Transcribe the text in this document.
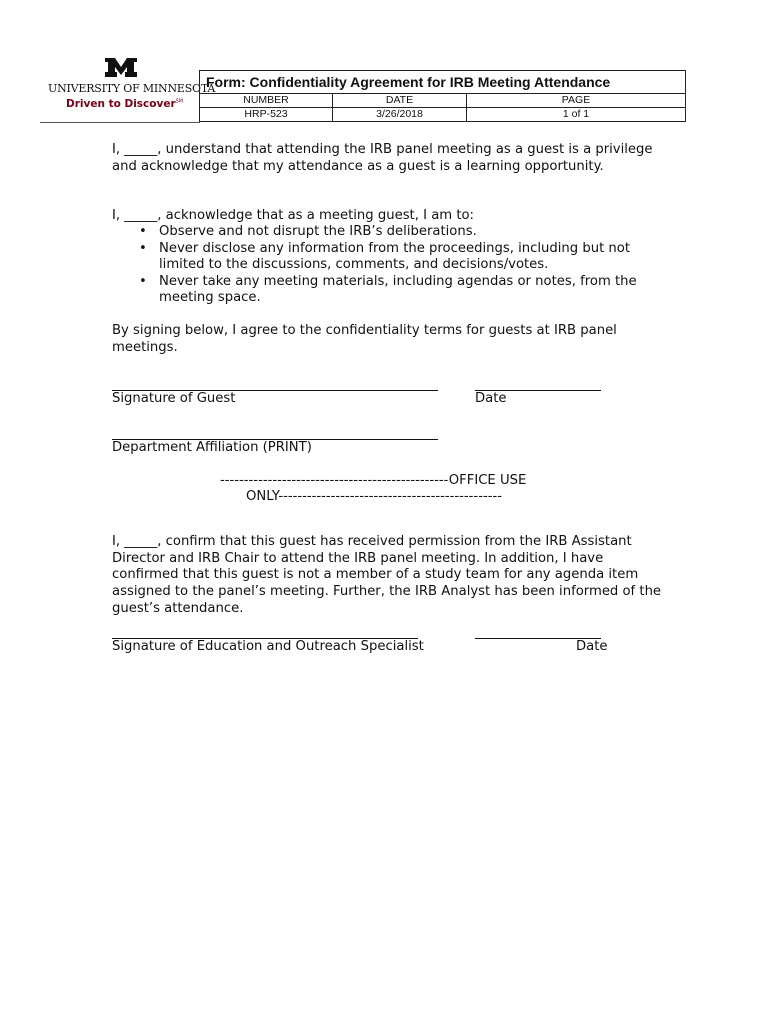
UNIVERSITY OF MINNESOTA
Driven to Discover℠
Form: Confidentiality Agreement for IRB Meeting Attendance
NUMBER
HRP-523
DATE
3/26/2018
PAGE
1 of 1

I, _____, understand that attending the IRB panel meeting as a guest is a privilege and acknowledge that my attendance as a guest is a learning opportunity.

I, _____, acknowledge that as a meeting guest, I am to:

• Observe and not disrupt the IRB’s deliberations.
• Never disclose any information from the proceedings, including but not limited to the discussions, comments, and decisions/votes.
• Never take any meeting materials, including agendas or notes, from the meeting space.

By signing below, I agree to the confidentiality terms for guests at IRB panel meetings.

Signature of Guest	Date
Department Affiliation (PRINT)
------------------------------------------------OFFICE USE
ONLY-----------------------------------------------

I, _____, confirm that this guest has received permission from the IRB Assistant Director and IRB Chair to attend the IRB panel meeting. In addition, I have confirmed that this guest is not a member of a study team for any agenda item assigned to the panel’s meeting. Further, the IRB Analyst has been informed of the guest’s attendance.

Signature of Education and Outreach Specialist	Date
